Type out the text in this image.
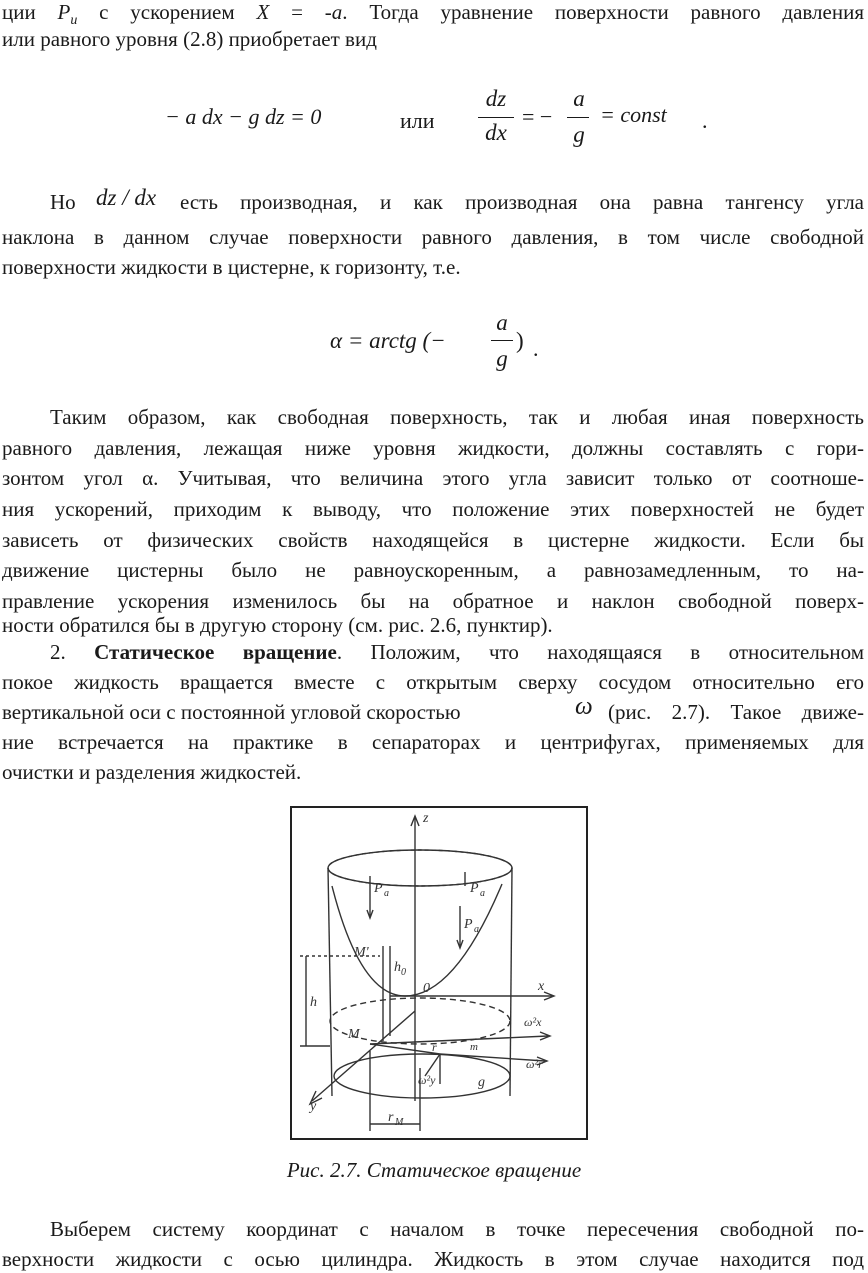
ции $P_и$ с ускорением X = -a. Тогда уравнение поверхности равного давления
или равного уровня (2.8) приобретает вид
− a dx − g dz = 0	или
dz
dx
= −
a
g
= const .
Но dz / dx есть производная, и как производная она равна тангенсу угла
наклона в данном случае поверхности равного давления, в том числе свободной
поверхности жидкости в цистерне, к горизонту, т.е.
α = arctg (−
a
g
) .
Таким образом, как свободная поверхность, так и любая иная поверхность
равного давления, лежащая ниже уровня жидкости, должны составлять с гори-
зонтом угол α. Учитывая, что величина этого угла зависит только от соотноше-
ния ускорений, приходим к выводу, что положение этих поверхностей не будет
зависеть от физических свойств находящейся в цистерне жидкости. Если бы
движение цистерны было не равноускоренным, а равнозамедленным, то на-
правление ускорения изменилось бы на обратное и наклон свободной поверх-
ности обратился бы в другую сторону (см. рис. 2.6, пунктир).
2. Статическое вращение. Положим, что находящаяся в относительном
покое жидкость вращается вместе с открытым сверху сосудом относительно его
вертикальной оси с постоянной угловой скоростью	ω (рис. 2.7). Такое движе-
ние встречается на практике в сепараторах и центрифугах, применяемых для
очистки и разделения жидкостей.
z
P a	P a
P a
M'
h 0
h
0	x
M
r	m
ω²x
ω²r
ω²y	g
y
r M
Рис. 2.7. Статическое вращение
Выберем систему координат с началом в точке пересечения свободной по-
верхности жидкости с осью цилиндра. Жидкость в этом случае находится под
